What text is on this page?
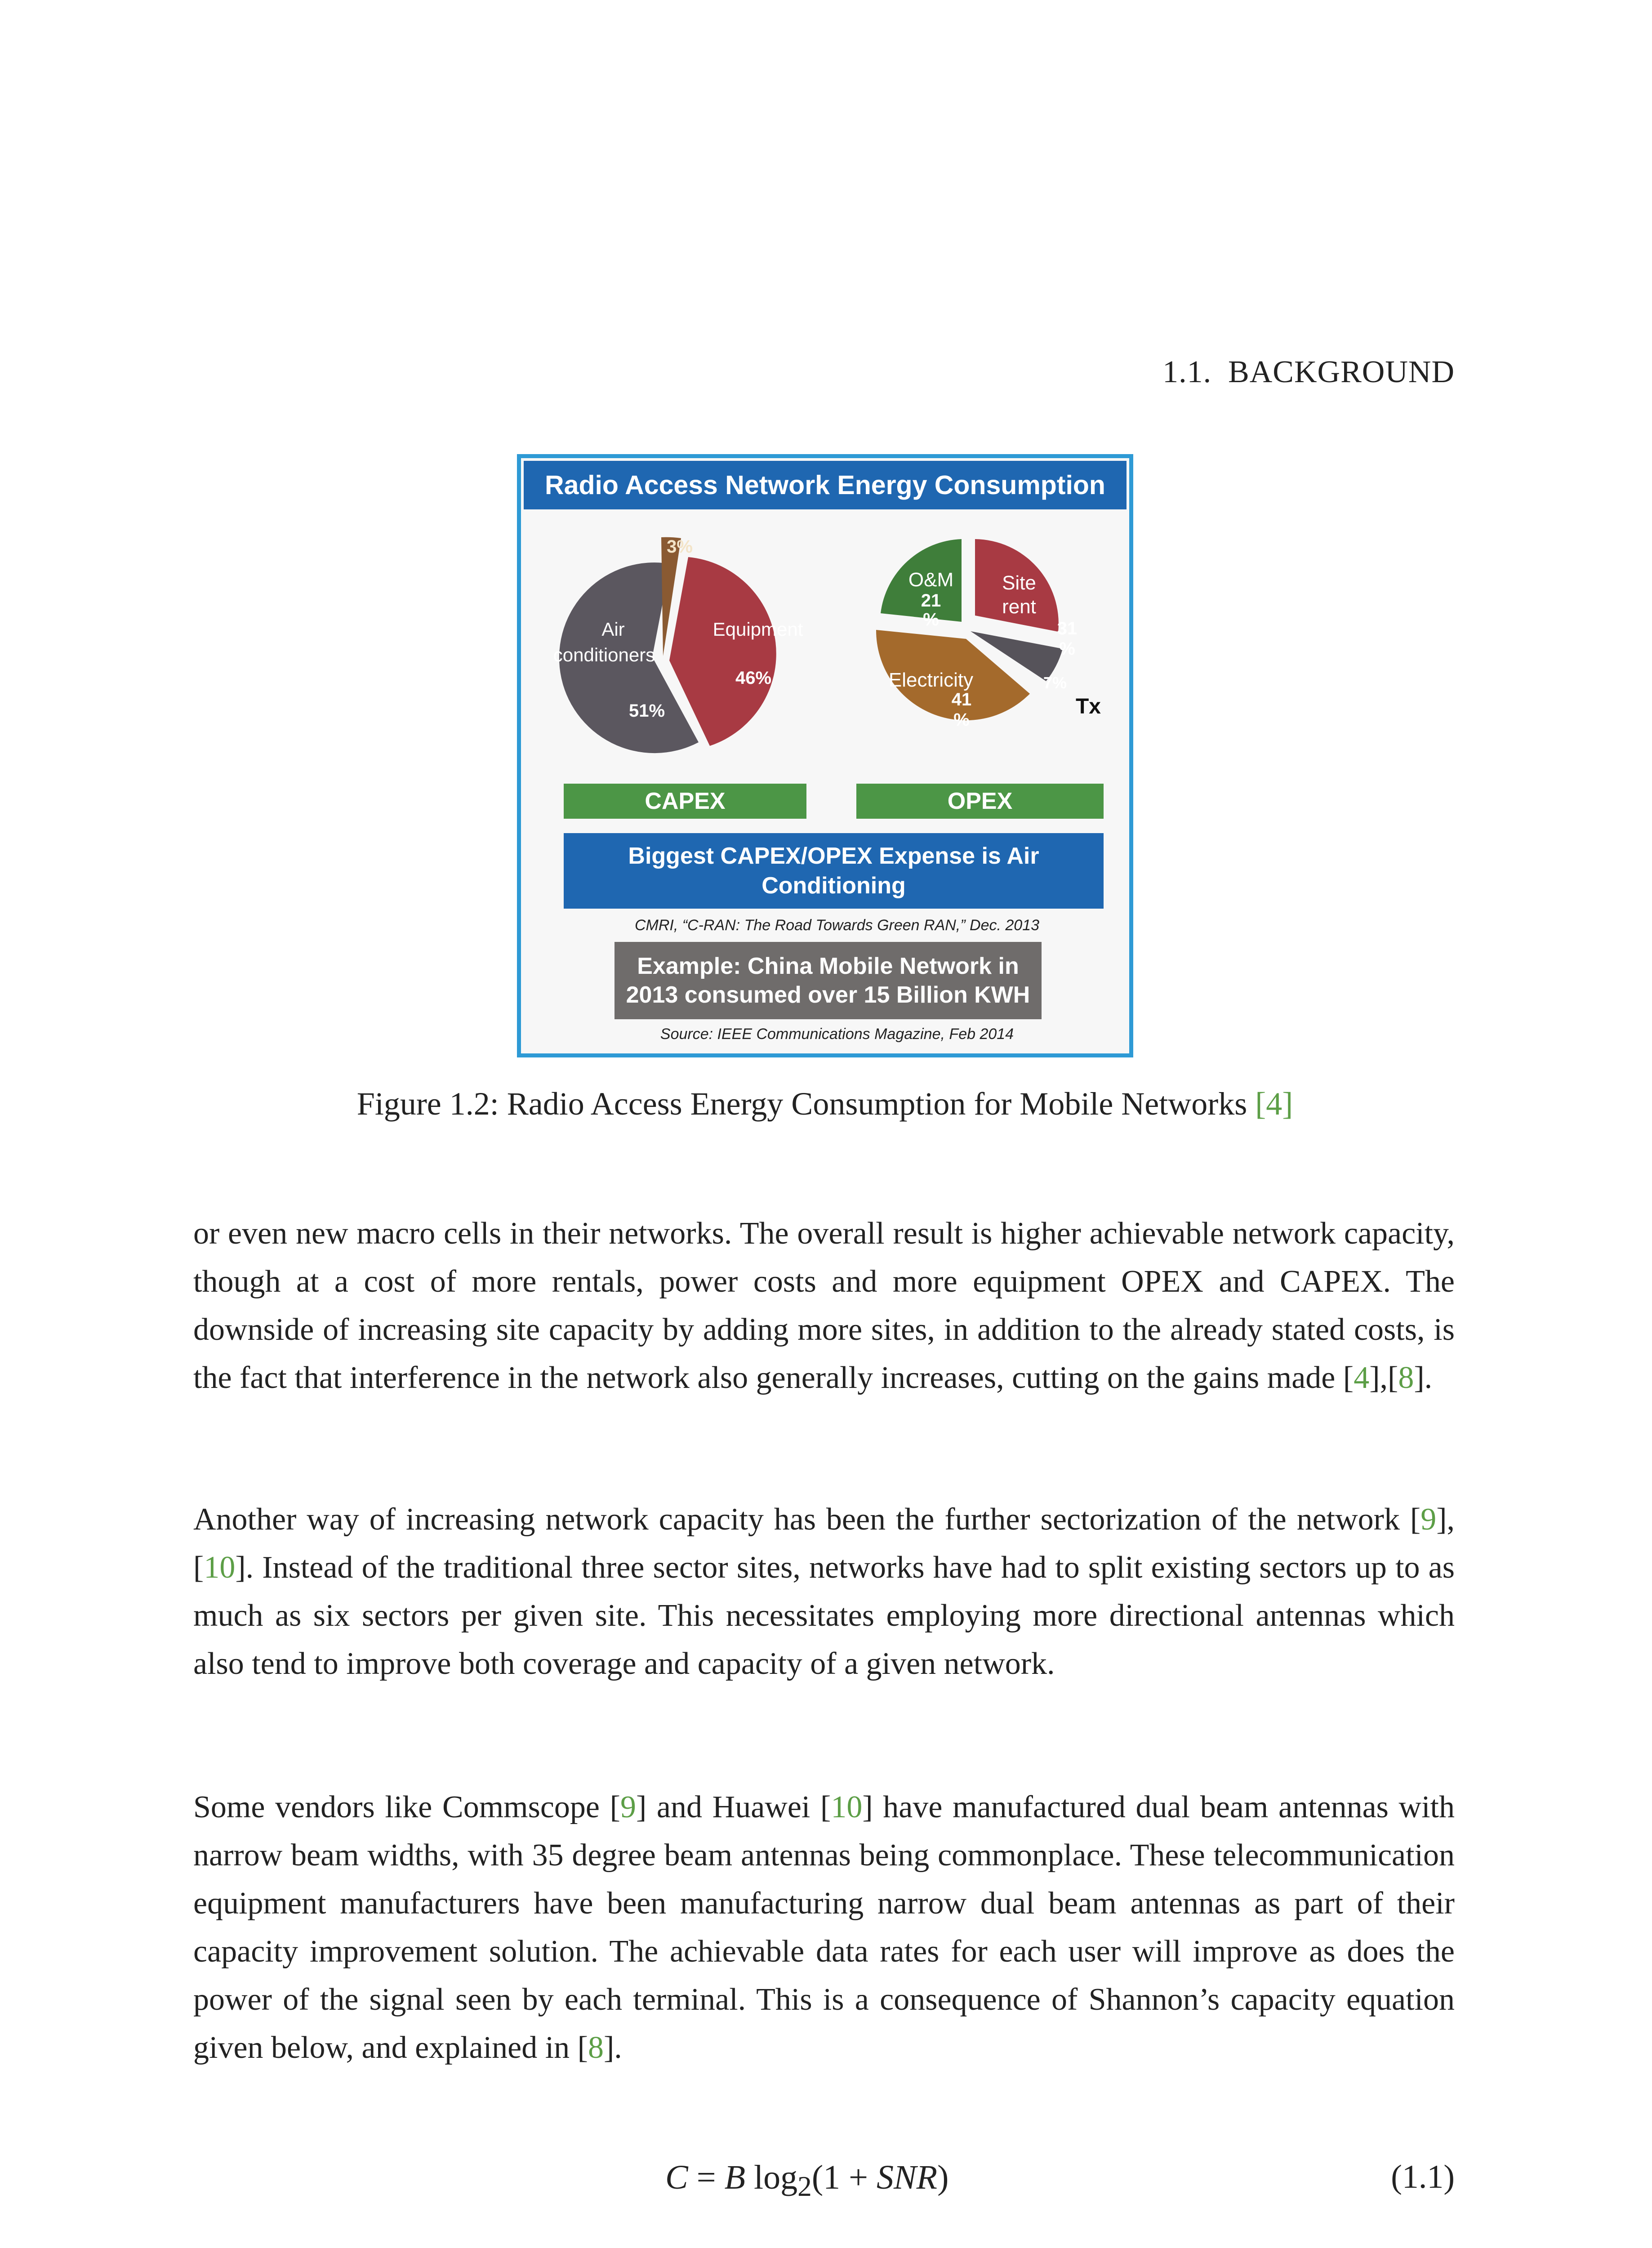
1.1. BACKGROUND
Radio Access Network Energy Consumption
3%
Air
conditioners
51%
Equipment
46%
O&M
21
%
Site
rent
31
%
Electricity
41
%
7%
Tx
CAPEX	OPEX
Biggest CAPEX/OPEX Expense is Air Conditioning
CMRI, “C-RAN: The Road Towards Green RAN,” Dec. 2013
Example: China Mobile Network in 2013 consumed over 15 Billion KWH
Source: IEEE Communications Magazine, Feb 2014
Figure 1.2: Radio Access Energy Consumption for Mobile Networks [4]
or even new macro cells in their networks. The overall result is higher achievable network capacity, though at a cost of more rentals, power costs and more equipment OPEX and CAPEX. The downside of increasing site capacity by adding more sites, in addition to the already stated costs, is the fact that interference in the network also generally increases, cutting on the gains made [4],[8].
Another way of increasing network capacity has been the further sectorization of the network [9],[10]. Instead of the traditional three sector sites, networks have had to split existing sectors up to as much as six sectors per given site. This necessitates employing more directional antennas which also tend to improve both coverage and capacity of a given network.
Some vendors like Commscope [9] and Huawei [10] have manufactured dual beam antennas with narrow beam widths, with 35 degree beam antennas being commonplace. These telecommunication equipment manufacturers have been manufacturing narrow dual beam antennas as part of their capacity improvement solution. The achievable data rates for each user will improve as does the power of the signal seen by each terminal. This is a consequence of Shannon’s capacity equation given below, and explained in [8].
C = B $\log_2(1 + SNR)$	(1.1)
